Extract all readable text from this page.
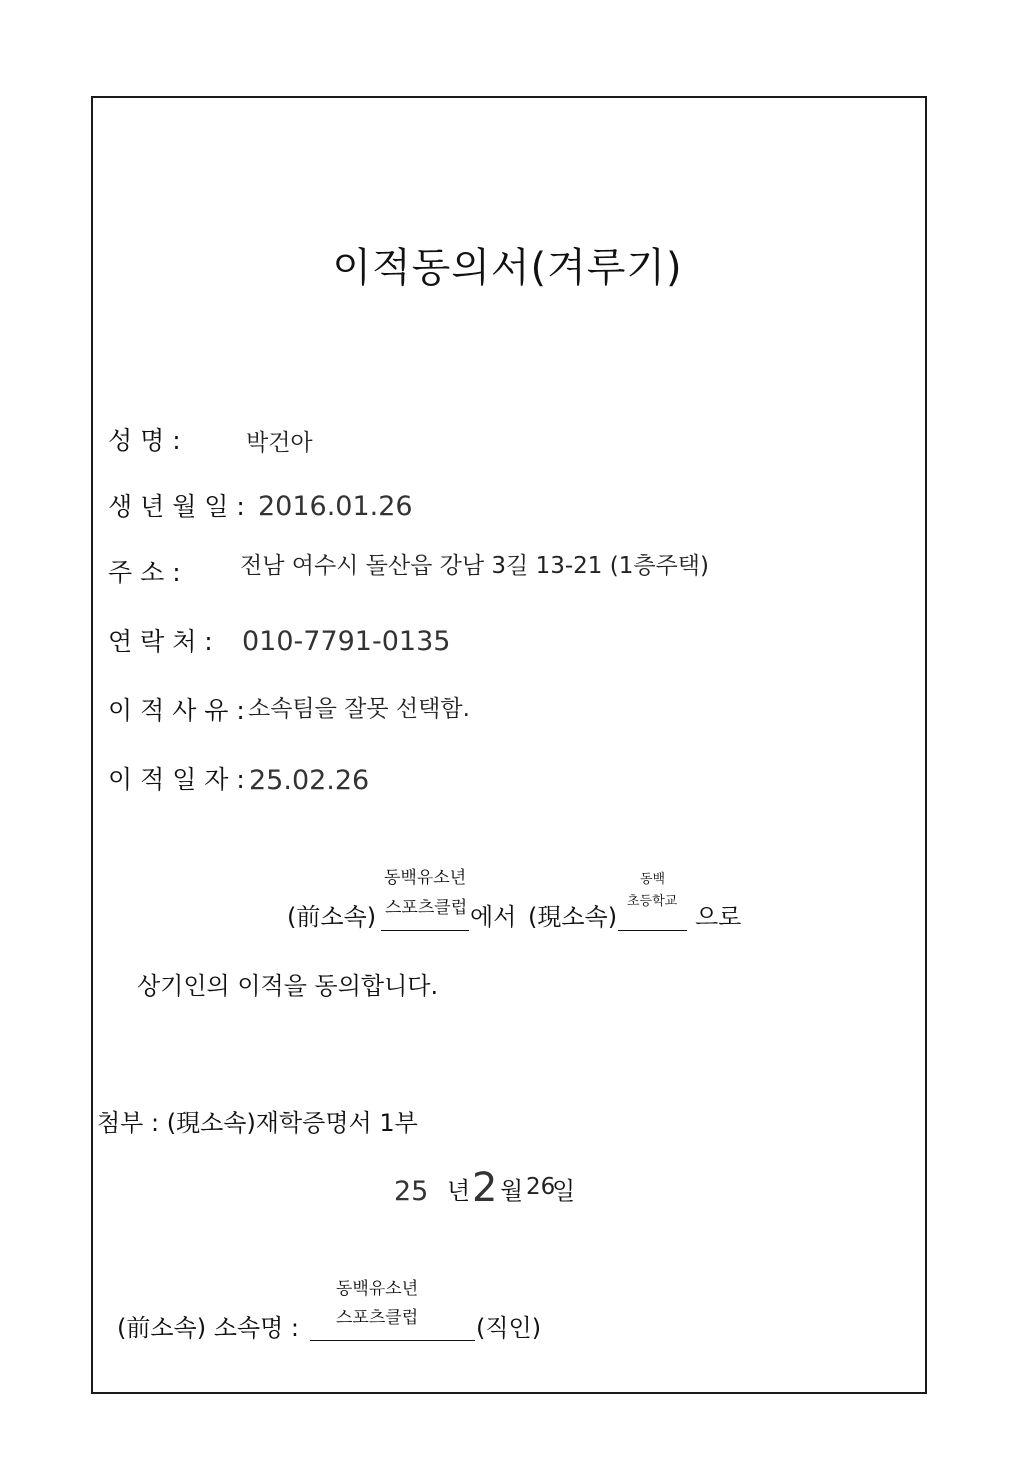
이적동의서(겨루기)
성 명 :	박건아
생 년 월 일 : 2016.01.26
주 소 :	전남 여수시 돌산읍 강남 3길 13-21 (1층주택)
연 락 처 : 010-7791-0135
이 적 사 유 : 소속팀을 잘못 선택함.
이 적 일 자 : 25.02.26
동백유소년
스포츠클럽
(前소속)	에서 (現소속)
동백
초등학교
으로
상기인의 이적을 동의합니다.
첨부 : (現소속)재학증명서 1부
25 년 2 월 26
일
동백유소년
스포츠클럽
(前소속) 소속명 :	(직인)
